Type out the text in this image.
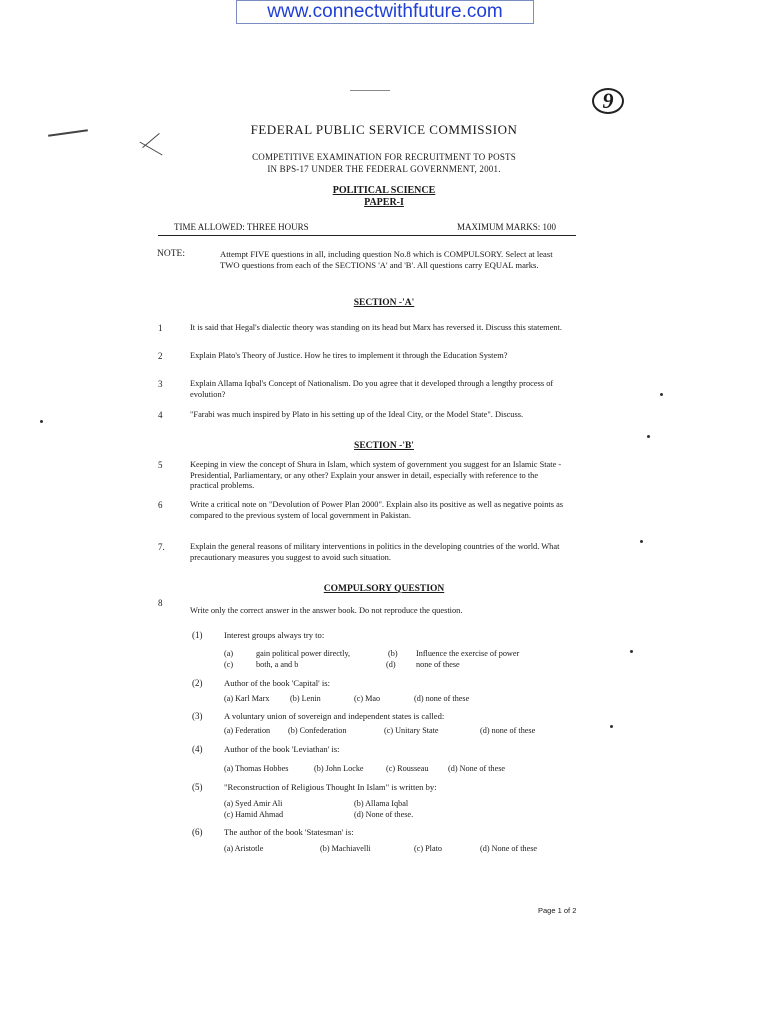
www.connectwithfuture.com
9
FEDERAL PUBLIC SERVICE COMMISSION
COMPETITIVE EXAMINATION FOR RECRUITMENT TO POSTS
IN BPS-17 UNDER THE FEDERAL GOVERNMENT, 2001.
POLITICAL SCIENCE
PAPER-I
TIME ALLOWED: THREE HOURS	MAXIMUM MARKS: 100
NOTE:	Attempt FIVE questions in all, including question No.8 which is COMPULSORY. Select at least TWO questions from each of the SECTIONS 'A' and 'B'. All questions carry EQUAL marks.
SECTION -'A'
1	It is said that Hegal's dialectic theory was standing on its head but Marx has reversed it. Discuss this statement.
2	Explain Plato's Theory of Justice. How he tires to implement it through the Education System?
3	Explain Allama Iqbal's Concept of Nationalism. Do you agree that it developed through a lengthy process of evolution?
4	"Farabi was much inspired by Plato in his setting up of the Ideal City, or the Model State". Discuss.
SECTION -'B'
5	Keeping in view the concept of Shura in Islam, which system of government you suggest for an Islamic State - Presidential, Parliamentary, or any other? Explain your answer in detail, especially with reference to the practical problems.
6	Write a critical note on "Devolution of Power Plan 2000". Explain also its positive as well as negative points as compared to the previous system of local government in Pakistan.
7.	Explain the general reasons of military interventions in politics in the developing countries of the world. What precautionary measures you suggest to avoid such situation.
COMPULSORY QUESTION
8
Write only the correct answer in the answer book. Do not reproduce the question.
(1)	Interest groups always try to:
(a)	gain political power directly,	(b) Influence the exercise of power
(c)	both, a and b	(d) none of these
(2)	Author of the book 'Capital' is:
(a) Karl Marx	(b) Lenin	(c) Mao	(d) none of these
(3)	A voluntary union of sovereign and independent states is called:
(a) Federation (b) Confederation	(c) Unitary State	(d) none of these
(4)	Author of the book 'Leviathan' is:
(a) Thomas Hobbes	(b) John Locke	(c) Rousseau (d) None of these
(5)	"Reconstruction of Religious Thought In Islam" is written by:
(a) Syed Amir Ali	(b) Allama Iqbal
(c) Hamid Ahmad	(d) None of these.
(6)	The author of the book 'Statesman' is:
(a) Aristotle	(b) Machiavelli	(c) Plato	(d) None of these
Page 1 of 2
